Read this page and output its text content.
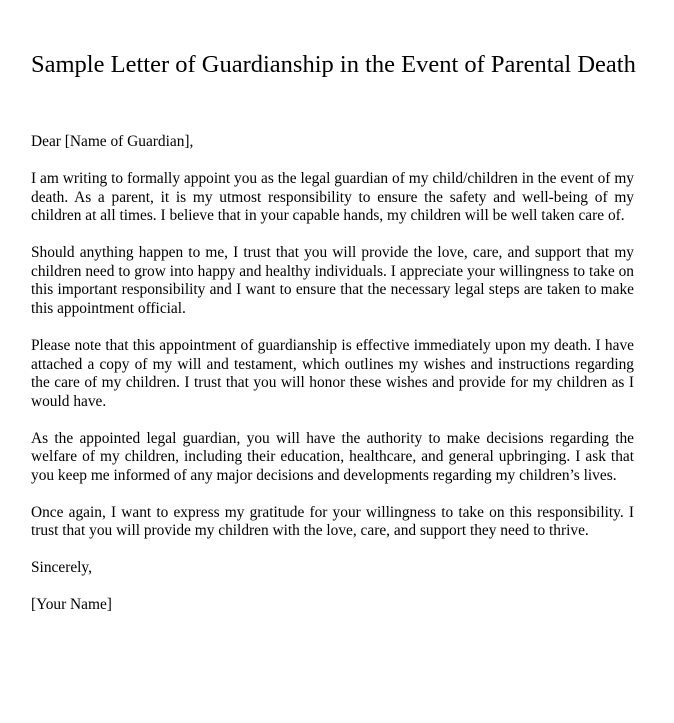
Sample Letter of Guardianship in the Event of Parental Death

Dear [Name of Guardian],

I am writing to formally appoint you as the legal guardian of my child/children in the event of my death. As a parent, it is my utmost responsibility to ensure the safety and well-being of my children at all times. I believe that in your capable hands, my children will be well taken care of.

Should anything happen to me, I trust that you will provide the love, care, and support that my children need to grow into happy and healthy individuals. I appreciate your willingness to take on this important responsibility and I want to ensure that the necessary legal steps are taken to make this appointment official.

Please note that this appointment of guardianship is effective immediately upon my death. I have attached a copy of my will and testament, which outlines my wishes and instructions regarding the care of my children. I trust that you will honor these wishes and provide for my children as I would have.

As the appointed legal guardian, you will have the authority to make decisions regarding the welfare of my children, including their education, healthcare, and general upbringing. I ask that you keep me informed of any major decisions and developments regarding my children’s lives.

Once again, I want to express my gratitude for your willingness to take on this responsibility. I trust that you will provide my children with the love, care, and support they need to thrive.

Sincerely,

[Your Name]
